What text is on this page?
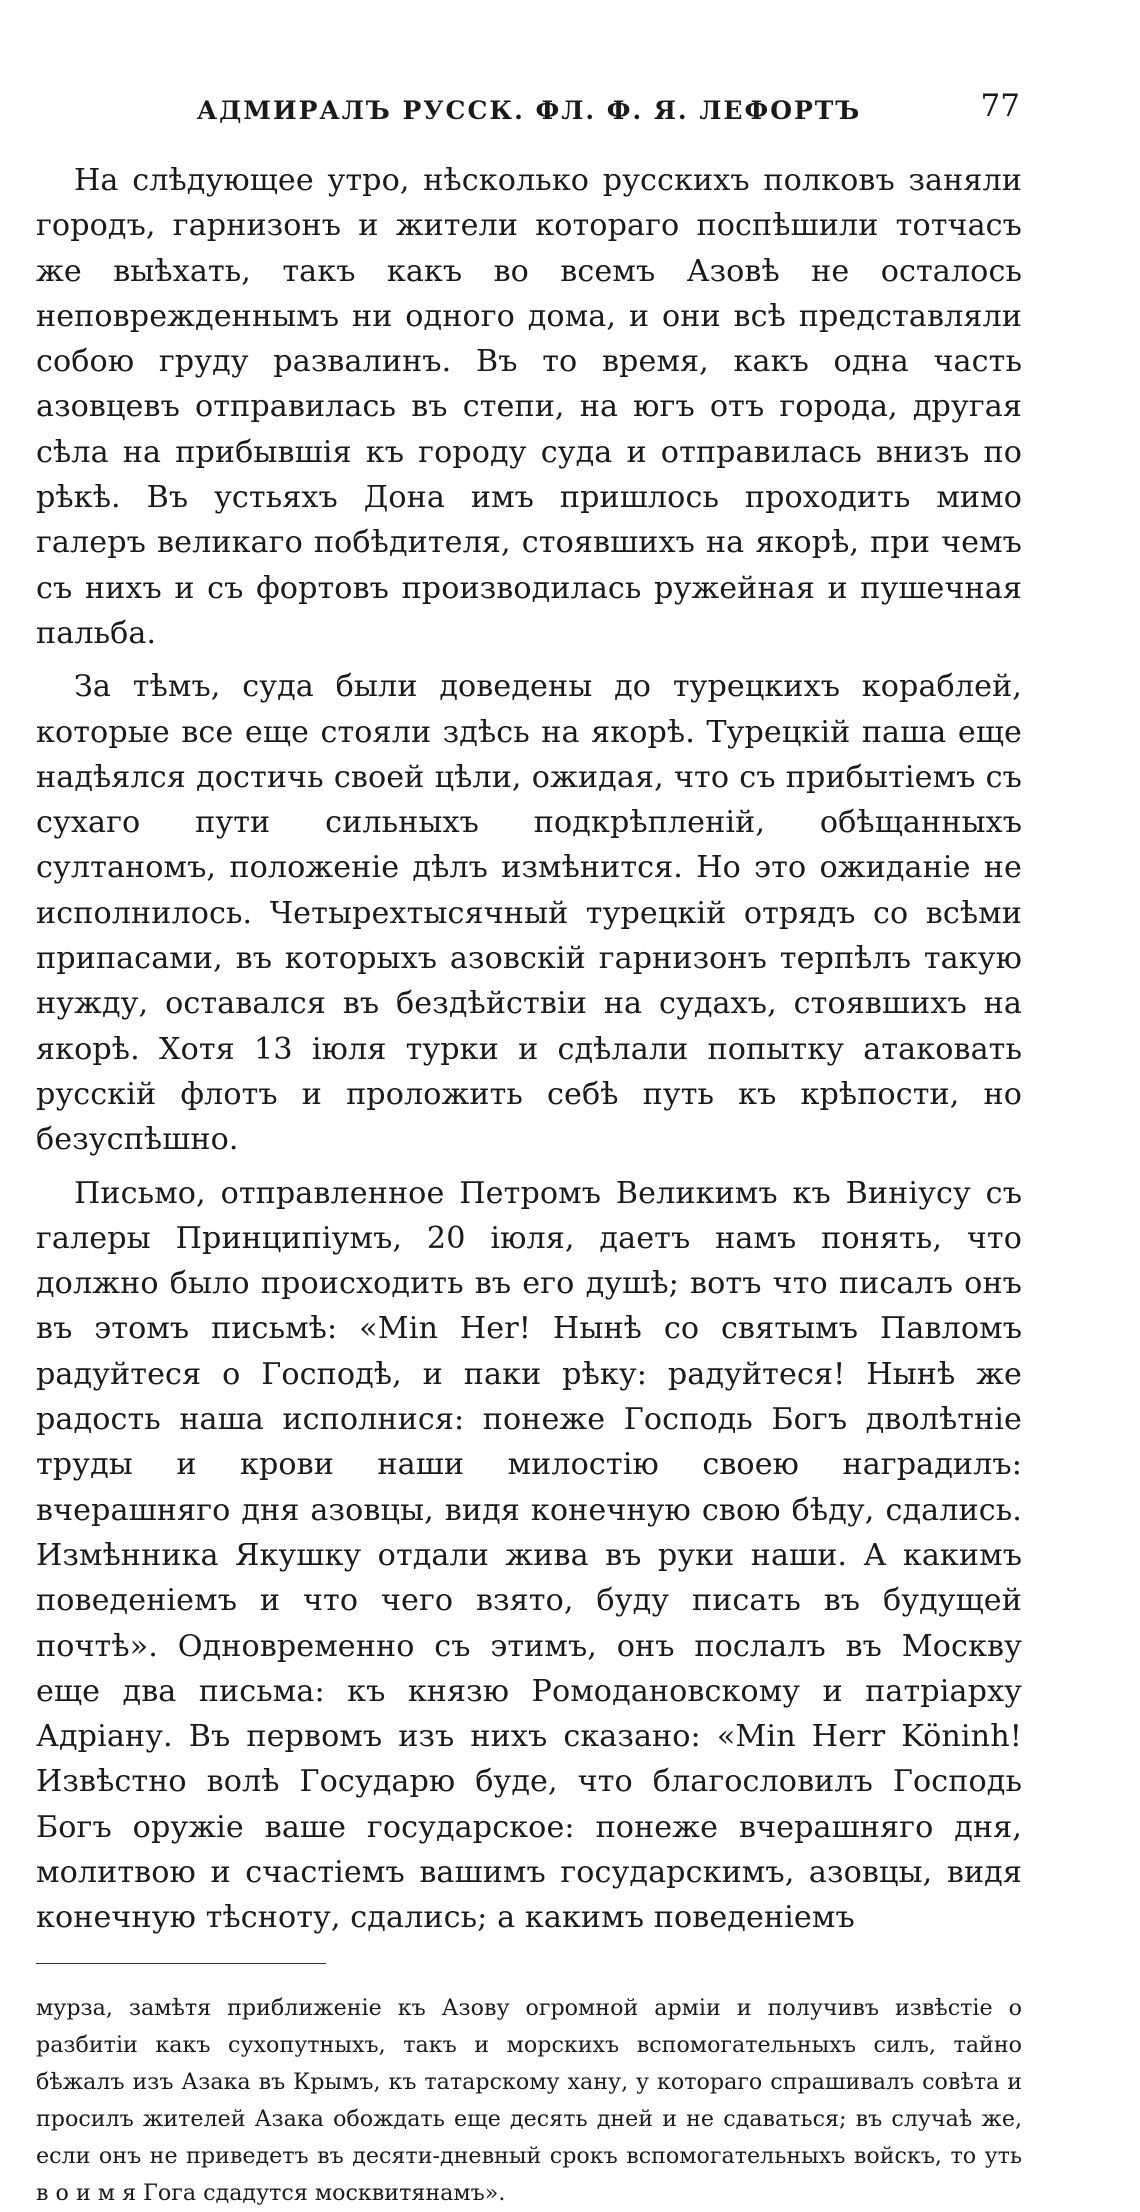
АДМИРАЛЪ РУССК. ФЛ. Ф. Я. ЛЕФОРТЪ	77

На слѣдующее утро, нѣсколько русскихъ полковъ заняли городъ, гарнизонъ и жители котораго поспѣшили тотчасъ же выѣхать, такъ какъ во всемъ Азовѣ не осталось неповрежденнымъ ни одного дома, и они всѣ представляли собою груду развалинъ. Въ то время, какъ одна часть азовцевъ отправилась въ степи, на югъ отъ города, другая сѣла на прибывшія къ городу суда и отправилась внизъ по рѣкѣ. Въ устьяхъ Дона имъ пришлось проходить мимо галеръ великаго побѣдителя, стоявшихъ на якорѣ, при чемъ съ нихъ и съ фортовъ производилась ружейная и пушечная пальба.

За тѣмъ, суда были доведены до турецкихъ кораблей, которые все еще стояли здѣсь на якорѣ. Турецкій паша еще надѣялся достичь своей цѣли, ожидая, что съ прибытіемъ съ сухаго пути сильныхъ подкрѣпленій, обѣщанныхъ султаномъ, положеніе дѣлъ измѣнится. Но это ожиданіе не исполнилось. Четырехтысячный турецкій отрядъ со всѣми припасами, въ которыхъ азовскій гарнизонъ терпѣлъ такую нужду, оставался въ бездѣйствіи на судахъ, стоявшихъ на якорѣ. Хотя 13 іюля турки и сдѣлали попытку атаковать русскій флотъ и проложить себѣ путь къ крѣпости, но безуспѣшно.

Письмо, отправленное Петромъ Великимъ къ Виніусу съ галеры Принципіумъ, 20 іюля, даетъ намъ понять, что должно было происходить въ его душѣ; вотъ что писалъ онъ въ этомъ письмѣ: «Min Her! Нынѣ со святымъ Павломъ радуйтеся о Господѣ, и паки рѣку: радуйтеся! Нынѣ же радость наша исполнися: понеже Господь Богъ дволѣтніе труды и крови наши милостію своею наградилъ: вчерашняго дня азовцы, видя конечную свою бѣду, сдались. Измѣнника Якушку отдали жива въ руки наши. А какимъ поведеніемъ и что чего взято, буду писать въ будущей почтѣ». Одновременно съ этимъ, онъ послалъ въ Москву еще два письма: къ князю Ромодановскому и патріарху Адріану. Въ первомъ изъ нихъ сказано: «Min Herr Köninh! Извѣстно волѣ Государю буде, что благословилъ Господь Богъ оружіе ваше государское: понеже вчерашняго дня, молитвою и счастіемъ вашимъ государскимъ, азовцы, видя конечную тѣсноту, сдались; а какимъ поведеніемъ

мурза, замѣтя приближеніе къ Азову огромной арміи и получивъ извѣстіе о разбитіи какъ сухопутныхъ, такъ и морскихъ вспомогательныхъ силъ, тайно бѣжалъ изъ Азака въ Крымъ, къ татарскому хану, у котораго спрашивалъ совѣта и просилъ жителей Азака обождать еще десять дней и не сдаваться; въ случаѣ же, если онъ не приведетъ въ десяти-дневный срокъ вспомогательныхъ войскъ, то уть в о и м я Гога сдадутся москвитянамъ».
